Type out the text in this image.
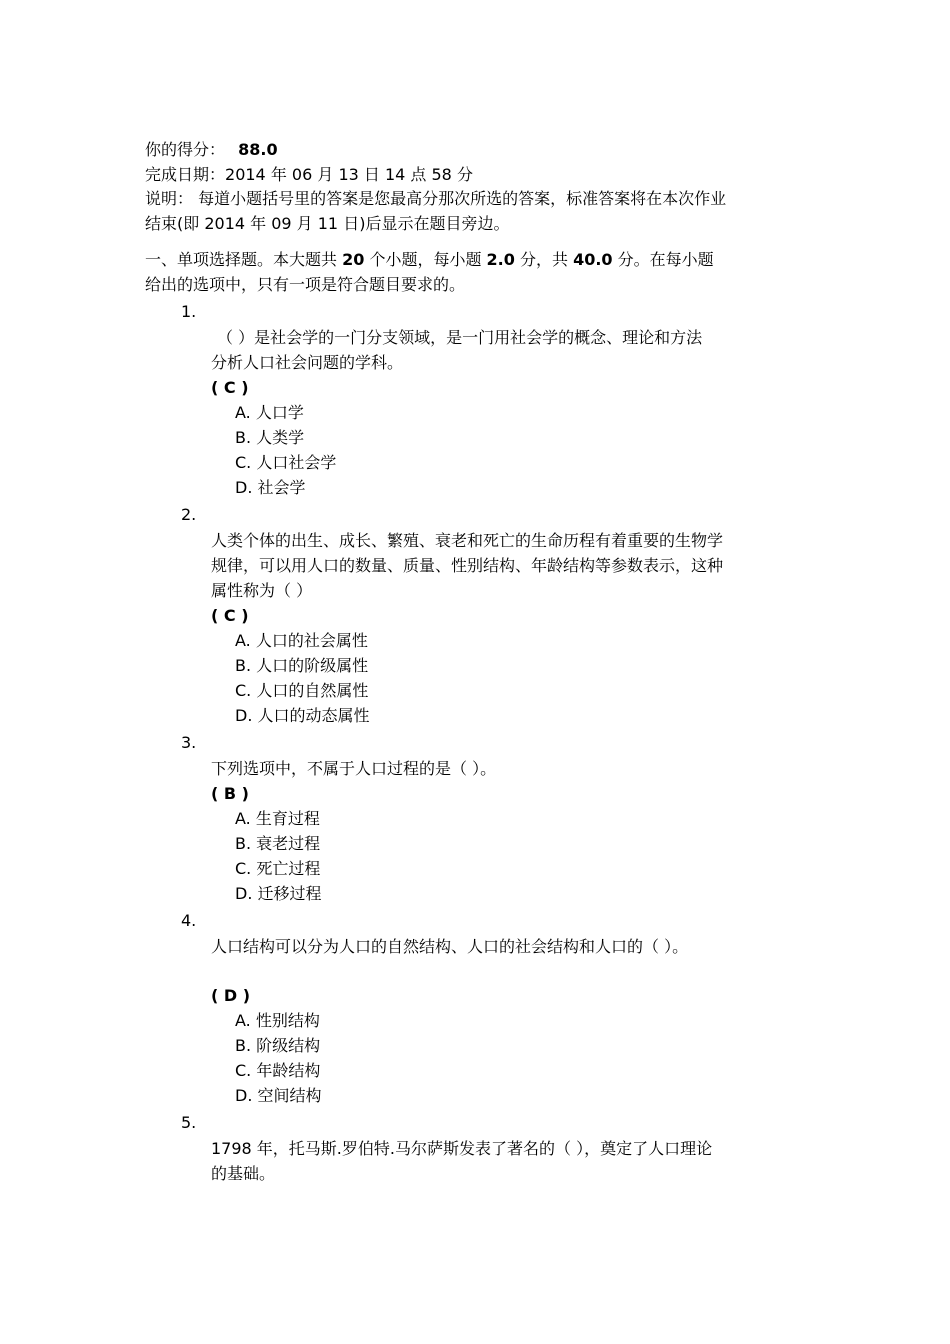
你的得分： 88.0

完成日期：2014 年 06 月 13 日 14 点 58 分

说明： 每道小题括号里的答案是您最高分那次所选的答案，标准答案将在本次作业

结束(即 2014 年 09 月 11 日)后显示在题目旁边。

一、单项选择题。本大题共 20 个小题，每小题 2.0 分，共 40.0 分。在每小题

给出的选项中，只有一项是符合题目要求的。

1.

（ ）是社会学的一门分支领域，是一门用社会学的概念、理论和方法

分析人口社会问题的学科。

( C )

A. 人口学

B. 人类学

C. 人口社会学

D. 社会学

2.

人类个体的出生、成长、繁殖、衰老和死亡的生命历程有着重要的生物学

规律，可以用人口的数量、质量、性别结构、年龄结构等参数表示，这种

属性称为（ ）

( C )

A. 人口的社会属性

B. 人口的阶级属性

C. 人口的自然属性

D. 人口的动态属性

3.

下列选项中，不属于人口过程的是（ ）。

( B )

A. 生育过程

B. 衰老过程

C. 死亡过程

D. 迁移过程

4.

人口结构可以分为人口的自然结构、人口的社会结构和人口的（ ）。

( D )

A. 性别结构

B. 阶级结构

C. 年龄结构

D. 空间结构

5.

1798 年，托马斯.罗伯特.马尔萨斯发表了著名的（ ），奠定了人口理论

的基础。
